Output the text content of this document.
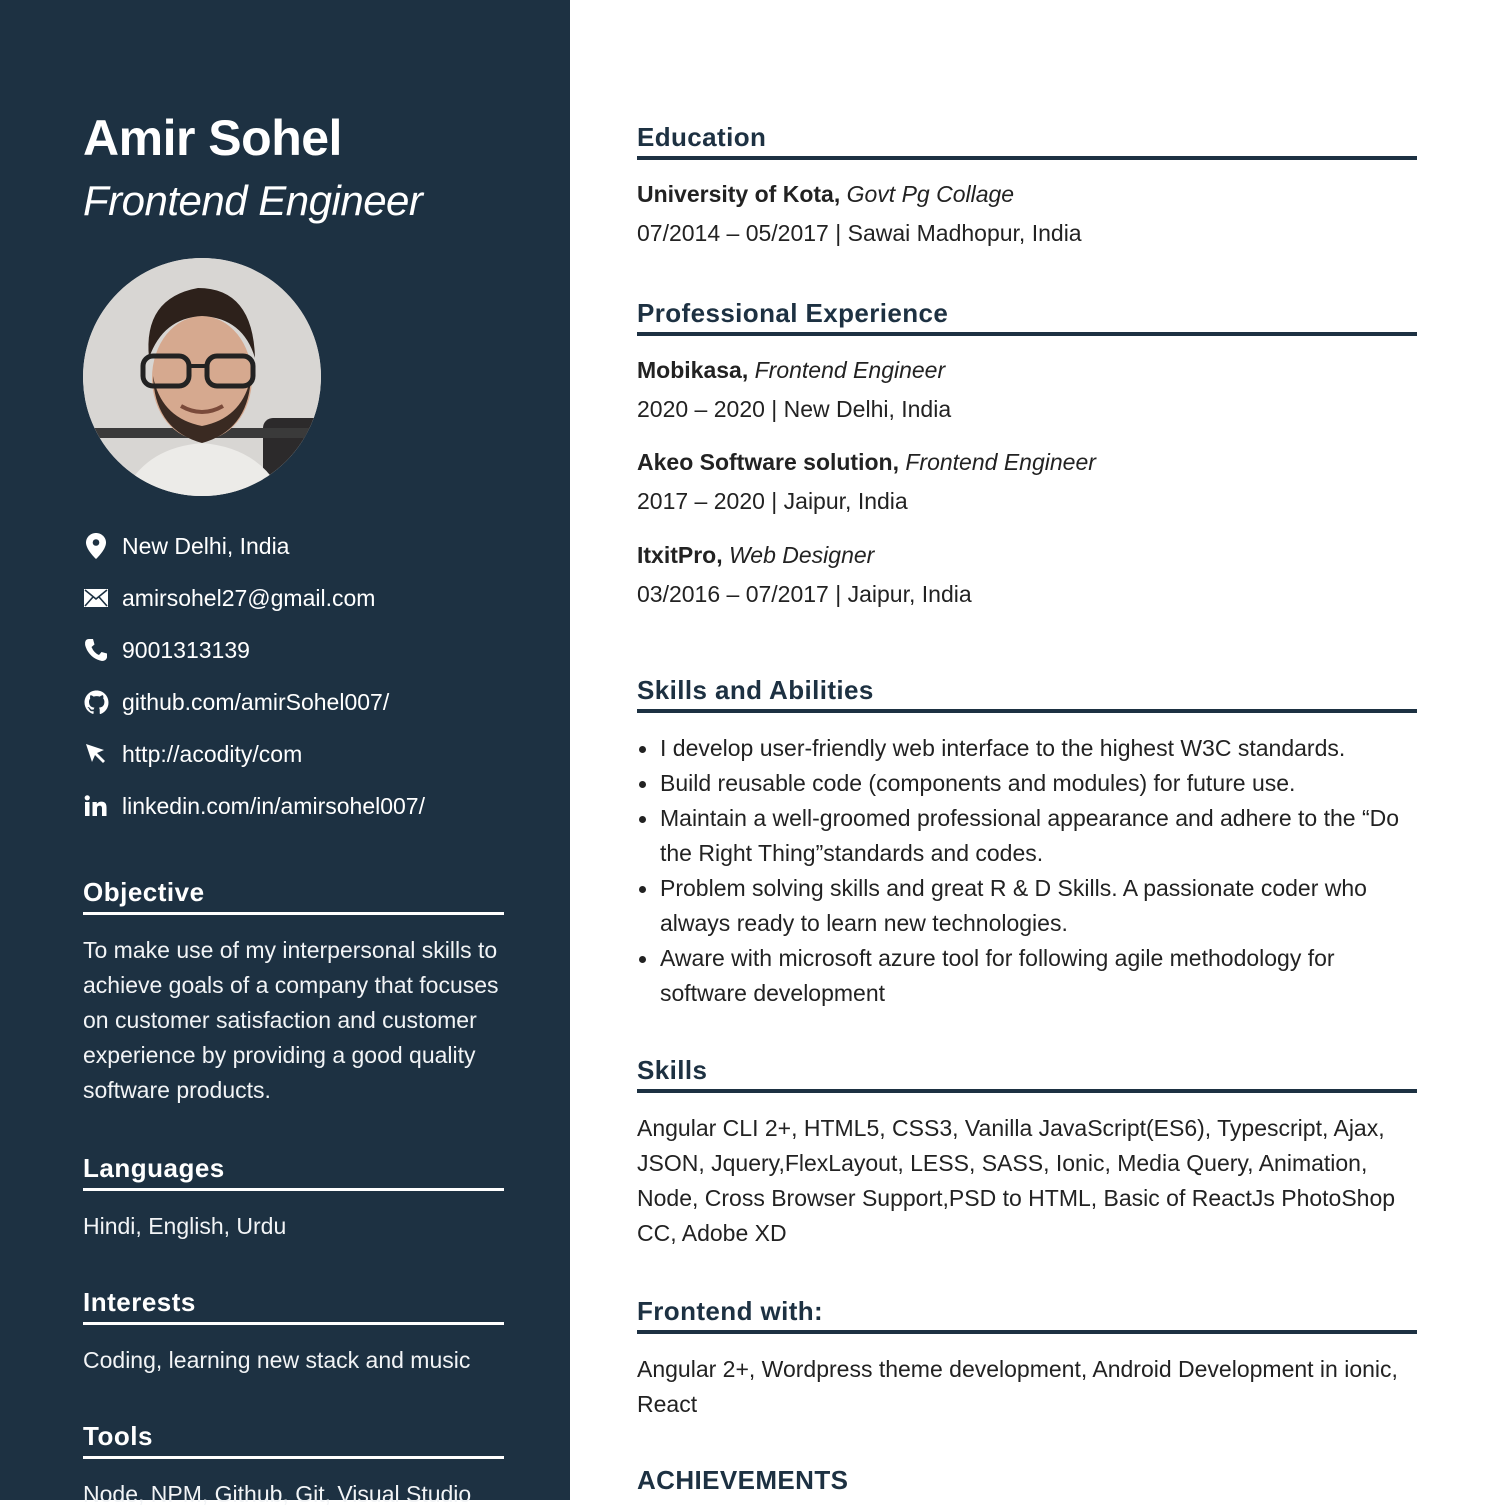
Amir Sohel
Frontend Engineer
New Delhi, India
amirsohel27@gmail.com
9001313139
github.com/amirSohel007/
http://acodity/com
linkedin.com/in/amirsohel007/
Objective
To make use of my interpersonal skills to achieve goals of a company that focuses on customer satisfaction and customer experience by providing a good quality software products.
Languages
Hindi, English, Urdu
Interests
Coding, learning new stack and music
Tools
Node, NPM, Github, Git, Visual Studio
Education
University of Kota, Govt Pg Collage
07/2014 – 05/2017 | Sawai Madhopur, India
Professional Experience
Mobikasa, Frontend Engineer
2020 – 2020 | New Delhi, India
Akeo Software solution, Frontend Engineer
2017 – 2020 | Jaipur, India
ItxitPro, Web Designer
03/2016 – 07/2017 | Jaipur, India
Skills and Abilities
I develop user-friendly web interface to the highest W3C standards.
Build reusable code (components and modules) for future use.
Maintain a well-groomed professional appearance and adhere to the “Do the Right Thing”standards and codes.
Problem solving skills and great R & D Skills. A passionate coder who always ready to learn new technologies.
Aware with microsoft azure tool for following agile methodology for software development
Skills
Angular CLI 2+, HTML5, CSS3, Vanilla JavaScript(ES6), Typescript, Ajax, JSON, Jquery,FlexLayout, LESS, SASS, Ionic, Media Query, Animation, Node, Cross Browser Support,PSD to HTML, Basic of ReactJs PhotoShop CC, Adobe XD
Frontend with:
Angular 2+, Wordpress theme development, Android Development in ionic, React
ACHIEVEMENTS
